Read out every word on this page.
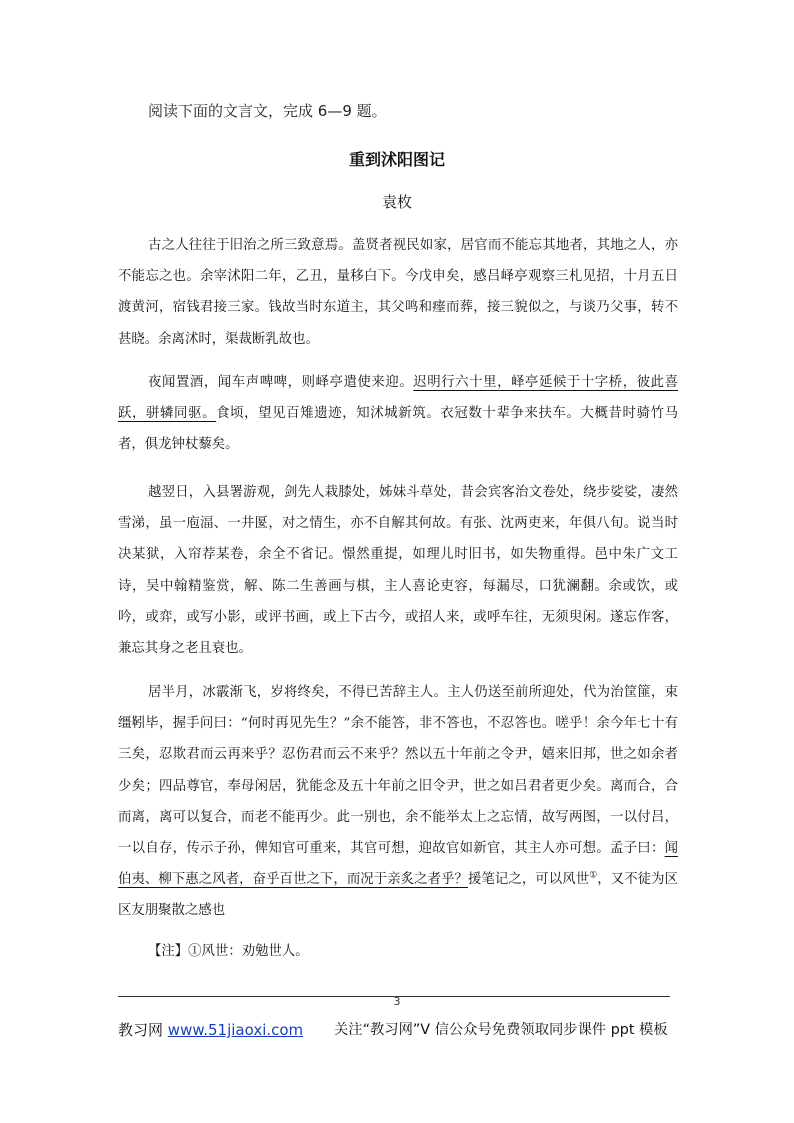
阅读下面的文言文，完成 6—9 题。
重到沭阳图记
袁枚

古之人往往于旧治之所三致意焉。盖贤者视民如家，居官而不能忘其地者，其地之人，亦不能忘之也。余宰沭阳二年，乙丑，量移白下。今戊申矣，感吕峄亭观察三札见招，十月五日渡黄河，宿钱君接三家。钱故当时东道主，其父鸣和瘗而葬，接三貌似之，与谈乃父事，转不甚晓。余离沭时，渠裁断乳故也。

夜闻置酒，闻车声啤啤，则峄亭遣使来迎。迟明行六十里，峄亭延候于十字桥，彼此喜跃，骈辚同驱。食顷，望见百雉遗迹，知沭城新筑。衣冠数十辈争来扶车。大概昔时骑竹马者，俱龙钟杖藜矣。

越翌日，入县署游观，剑先人栽膝处，姊妹斗草处，昔会宾客治文卷处，绕步娑娑，凄然雪涕，虽一庖湢、一井匽，对之情生，亦不自解其何故。有张、沈两吏来，年俱八旬。说当时决某狱，入帘荐某卷，余全不省记。憬然重提，如理儿时旧书，如失物重得。邑中朱广文工诗，吴中翰精鉴赏，解、陈二生善画与棋，主人喜论吏容，每漏尽，口犹澜翻。余或饮，或吟，或弈，或写小影，或评书画，或上下古今，或招人来，或呼车往，无须臾闲。遂忘作客，兼忘其身之老且衰也。

居半月，冰霰渐飞，岁将终矣，不得已苦辞主人。主人仍送至前所迎处，代为治筐篚，束缰靷毕，握手问曰：“何时再见先生？”余不能答，非不答也，不忍答也。嗟乎！余今年七十有三矣，忍欺君而云再来乎？忍伤君而云不来乎？然以五十年前之令尹，嬉来旧邦，世之如余者少矣；四品尊官，奉母闲居，犹能念及五十年前之旧令尹，世之如吕君者更少矣。离而合，合而离，离可以复合，而老不能再少。此一别也，余不能举太上之忘情，故写两图，一以付吕，一以自存，传示子孙，俾知官可重来，其官可想，迎故官如新官，其主人亦可想。孟子曰：闻伯夷、柳下惠之风者，奋乎百世之下，而况于亲炙之者乎？援笔记之，可以风世①，又不徒为区区友朋聚散之感也

【注】①风世：劝勉世人。
3
教习网 www.51jiaoxi.com 关注“教习网”V 信公众号免费领取同步课件 ppt 模板
